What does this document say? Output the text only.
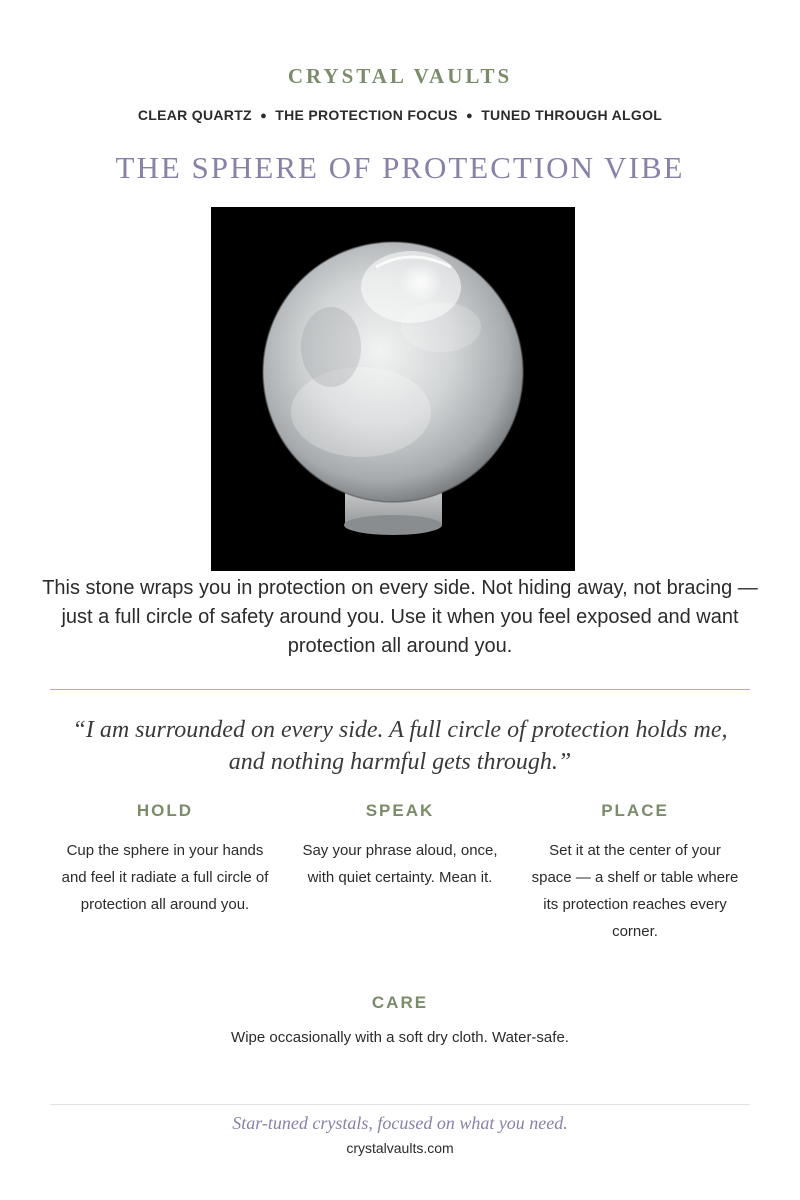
CRYSTAL VAULTS
CLEAR QUARTZ ● THE PROTECTION FOCUS ● TUNED THROUGH ALGOL
THE SPHERE OF PROTECTION VIBE
This stone wraps you in protection on every side. Not hiding away, not bracing — just a full circle of safety around you. Use it when you feel exposed and want protection all around you.
“I am surrounded on every side. A full circle of protection holds me, and nothing harmful gets through.”
HOLD
Cup the sphere in your hands and feel it radiate a full circle of protection all around you.
SPEAK
Say your phrase aloud, once, with quiet certainty. Mean it.
PLACE
Set it at the center of your space — a shelf or table where its protection reaches every corner.
CARE
Wipe occasionally with a soft dry cloth. Water-safe.
Star-tuned crystals, focused on what you need.
crystalvaults.com
